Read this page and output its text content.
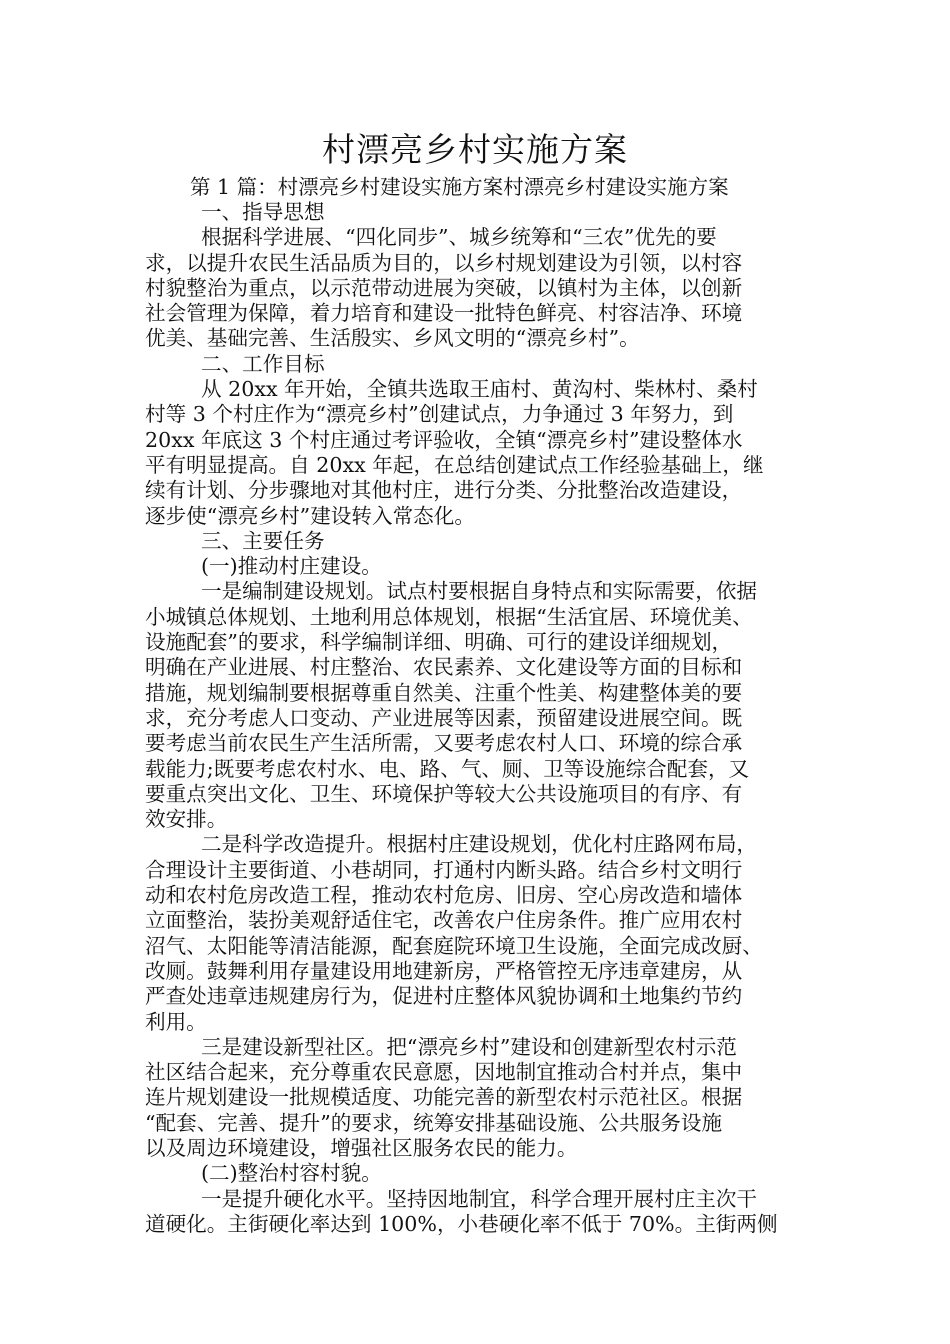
村漂亮乡村实施方案
第 1 篇：村漂亮乡村建设实施方案村漂亮乡村建设实施方案
一、指导思想
根据科学进展、“四化同步”、城乡统筹和“三农”优先的要
求，以提升农民生活品质为目的，以乡村规划建设为引领，以村容
村貌整治为重点，以示范带动进展为突破，以镇村为主体，以创新
社会管理为保障，着力培育和建设一批特色鲜亮、村容洁净、环境
优美、基础完善、生活殷实、乡风文明的“漂亮乡村”。
二、工作目标
从 20xx 年开始，全镇共选取王庙村、黄沟村、柴林村、桑村
村等 3 个村庄作为“漂亮乡村”创建试点，力争通过 3 年努力，到
20xx 年底这 3 个村庄通过考评验收，全镇“漂亮乡村”建设整体水
平有明显提高。自 20xx 年起，在总结创建试点工作经验基础上，继
续有计划、分步骤地对其他村庄，进行分类、分批整治改造建设，
逐步使“漂亮乡村”建设转入常态化。
三、主要任务
(一)推动村庄建设。
一是编制建设规划。试点村要根据自身特点和实际需要，依据
小城镇总体规划、土地利用总体规划，根据“生活宜居、环境优美、
设施配套”的要求，科学编制详细、明确、可行的建设详细规划，
明确在产业进展、村庄整治、农民素养、文化建设等方面的目标和
措施，规划编制要根据尊重自然美、注重个性美、构建整体美的要
求，充分考虑人口变动、产业进展等因素，预留建设进展空间。既
要考虑当前农民生产生活所需，又要考虑农村人口、环境的综合承
载能力;既要考虑农村水、电、路、气、厕、卫等设施综合配套，又
要重点突出文化、卫生、环境保护等较大公共设施项目的有序、有
效安排。
二是科学改造提升。根据村庄建设规划，优化村庄路网布局，
合理设计主要街道、小巷胡同，打通村内断头路。结合乡村文明行
动和农村危房改造工程，推动农村危房、旧房、空心房改造和墙体
立面整治，装扮美观舒适住宅，改善农户住房条件。推广应用农村
沼气、太阳能等清洁能源，配套庭院环境卫生设施，全面完成改厨、
改厕。鼓舞利用存量建设用地建新房，严格管控无序违章建房，从
严查处违章违规建房行为，促进村庄整体风貌协调和土地集约节约
利用。
三是建设新型社区。把“漂亮乡村”建设和创建新型农村示范
社区结合起来，充分尊重农民意愿，因地制宜推动合村并点，集中
连片规划建设一批规模适度、功能完善的新型农村示范社区。根据
“配套、完善、提升”的要求，统筹安排基础设施、公共服务设施
以及周边环境建设，增强社区服务农民的能力。
(二)整治村容村貌。
一是提升硬化水平。坚持因地制宜，科学合理开展村庄主次干
道硬化。主街硬化率达到 100%，小巷硬化率不低于 70%。主街两侧
